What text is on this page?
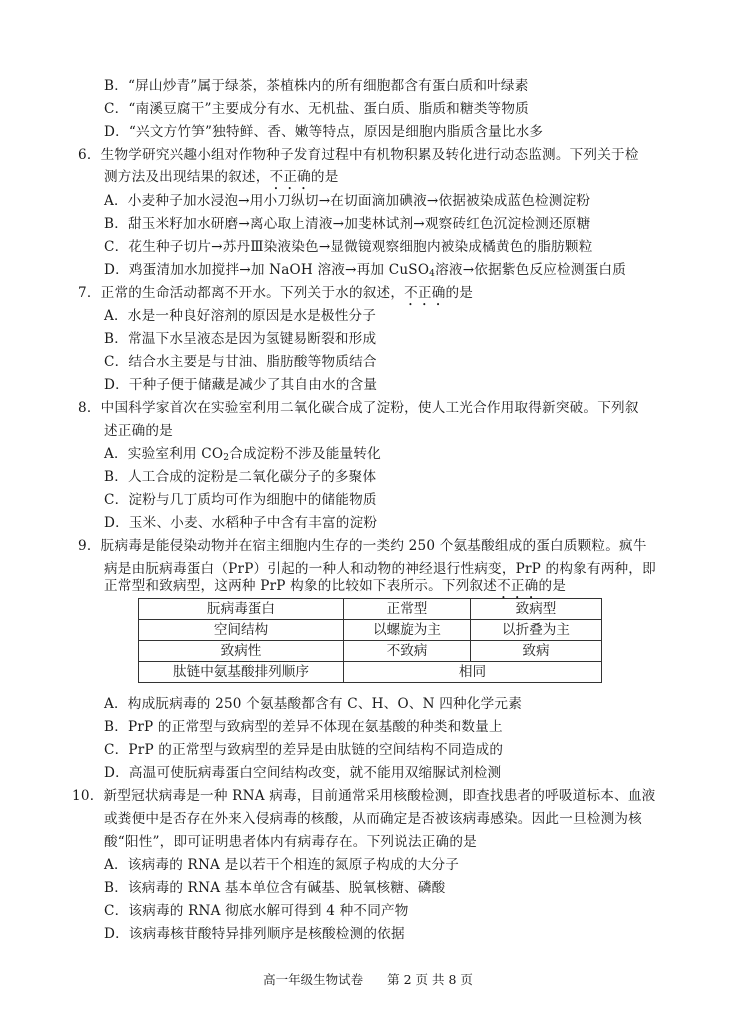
B．“屏山炒青”属于绿茶，茶植株内的所有细胞都含有蛋白质和叶绿素
C．“南溪豆腐干”主要成分有水、无机盐、蛋白质、脂质和糖类等物质
D．“兴文方竹笋”独特鲜、香、嫩等特点，原因是细胞内脂质含量比水多
6．生物学研究兴趣小组对作物种子发育过程中有机物积累及转化进行动态监测。下列关于检
测方法及出现结果的叙述，不正确的是
A．小麦种子加水浸泡→用小刀纵切→在切面滴加碘液→依据被染成蓝色检测淀粉
B．甜玉米籽加水研磨→离心取上清液→加斐林试剂→观察砖红色沉淀检测还原糖
C．花生种子切片→苏丹Ⅲ染液染色→显微镜观察细胞内被染成橘黄色的脂肪颗粒
D．鸡蛋清加水加搅拌→加 NaOH 溶液→再加 CuSO$_4$溶液→依据紫色反应检测蛋白质
7．正常的生命活动都离不开水。下列关于水的叙述，不正确的是
A．水是一种良好溶剂的原因是水是极性分子
B．常温下水呈液态是因为氢键易断裂和形成
C．结合水主要是与甘油、脂肪酸等物质结合
D．干种子便于储藏是减少了其自由水的含量
8．中国科学家首次在实验室利用二氧化碳合成了淀粉，使人工光合作用取得新突破。下列叙
述正确的是
A．实验室利用 $CO_2$合成淀粉不涉及能量转化
B．人工合成的淀粉是二氧化碳分子的多聚体
C．淀粉与几丁质均可作为细胞中的储能物质
D．玉米、小麦、水稻种子中含有丰富的淀粉
9．朊病毒是能侵染动物并在宿主细胞内生存的一类约 250 个氨基酸组成的蛋白质颗粒。疯牛
病是由朊病毒蛋白（PrP）引起的一种人和动物的神经退行性病变，PrP 的构象有两种，即
正常型和致病型，这两种 PrP 构象的比较如下表所示。下列叙述不正确的是
朊病毒蛋白	正常型	致病型
空间结构	以螺旋为主	以折叠为主
致病性	不致病	致病
肽链中氨基酸排列顺序	相同	
A．构成朊病毒的 250 个氨基酸都含有 C、H、O、N 四种化学元素
B．PrP 的正常型与致病型的差异不体现在氨基酸的种类和数量上
C．PrP 的正常型与致病型的差异是由肽链的空间结构不同造成的
D．高温可使朊病毒蛋白空间结构改变，就不能用双缩脲试剂检测
10．新型冠状病毒是一种 RNA 病毒，目前通常采用核酸检测，即查找患者的呼吸道标本、血液
或粪便中是否存在外来入侵病毒的核酸，从而确定是否被该病毒感染。因此一旦检测为核
酸“阳性”，即可证明患者体内有病毒存在。下列说法正确的是
A．该病毒的 RNA 是以若干个相连的氮原子构成的大分子
B．该病毒的 RNA 基本单位含有碱基、脱氧核糖、磷酸
C．该病毒的 RNA 彻底水解可得到 4 种不同产物
D．该病毒核苷酸特异排列顺序是核酸检测的依据
高一年级生物试卷 第 2 页 共 8 页
